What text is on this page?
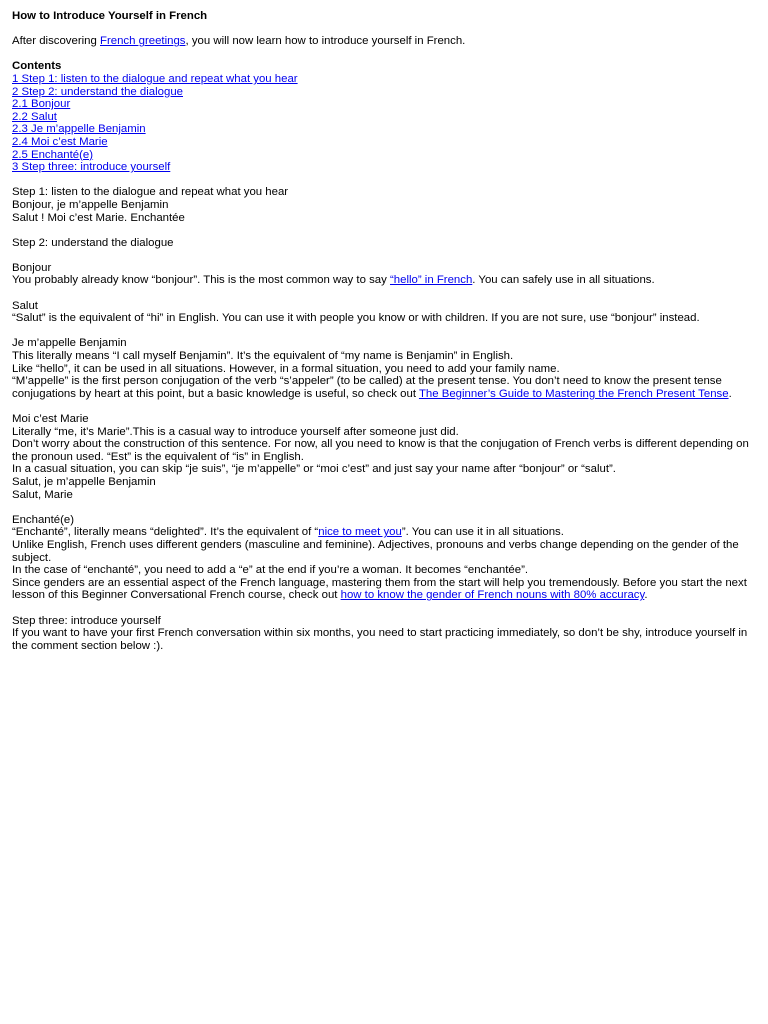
How to Introduce Yourself in French

After discovering French greetings, you will now learn how to introduce yourself in French.

Contents

1 Step 1: listen to the dialogue and repeat what you hear
2 Step 2: understand the dialogue
2.1 Bonjour
2.2 Salut
2.3 Je m’appelle Benjamin
2.4 Moi c’est Marie
2.5 Enchanté(e)
3 Step three: introduce yourself

Step 1: listen to the dialogue and repeat what you hear

Bonjour, je m’appelle Benjamin

Salut ! Moi c’est Marie. Enchantée

Step 2: understand the dialogue

Bonjour

You probably already know “bonjour”. This is the most common way to say “hello” in French. You can safely use in all situations.

Salut

“Salut” is the equivalent of “hi” in English. You can use it with people you know or with children. If you are not sure, use “bonjour” instead.

Je m’appelle Benjamin

This literally means “I call myself Benjamin”. It’s the equivalent of “my name is Benjamin” in English.

Like “hello”, it can be used in all situations. However, in a formal situation, you need to add your family name.

“M’appelle” is the first person conjugation of the verb “s’appeler” (to be called) at the present tense. You don’t need to know the present tense conjugations by heart at this point, but a basic knowledge is useful, so check out The Beginner’s Guide to Mastering the French Present Tense.

Moi c’est Marie

Literally “me, it’s Marie”.This is a casual way to introduce yourself after someone just did.

Don’t worry about the construction of this sentence. For now, all you need to know is that the conjugation of French verbs is different depending on the pronoun used. “Est” is the equivalent of “is” in English.

In a casual situation, you can skip “je suis”, “je m’appelle” or “moi c’est” and just say your name after “bonjour” or “salut”.

Salut, je m’appelle Benjamin

Salut, Marie

Enchanté(e)

“Enchanté”, literally means “delighted”. It’s the equivalent of “nice to meet you”. You can use it in all situations.

Unlike English, French uses different genders (masculine and feminine). Adjectives, pronouns and verbs change depending on the gender of the subject.

In the case of “enchanté”, you need to add a “e” at the end if you’re a woman. It becomes “enchantée”.

Since genders are an essential aspect of the French language, mastering them from the start will help you tremendously. Before you start the next lesson of this Beginner Conversational French course, check out how to know the gender of French nouns with 80% accuracy.

Step three: introduce yourself

If you want to have your first French conversation within six months, you need to start practicing immediately, so don’t be shy, introduce yourself in the comment section below :).
